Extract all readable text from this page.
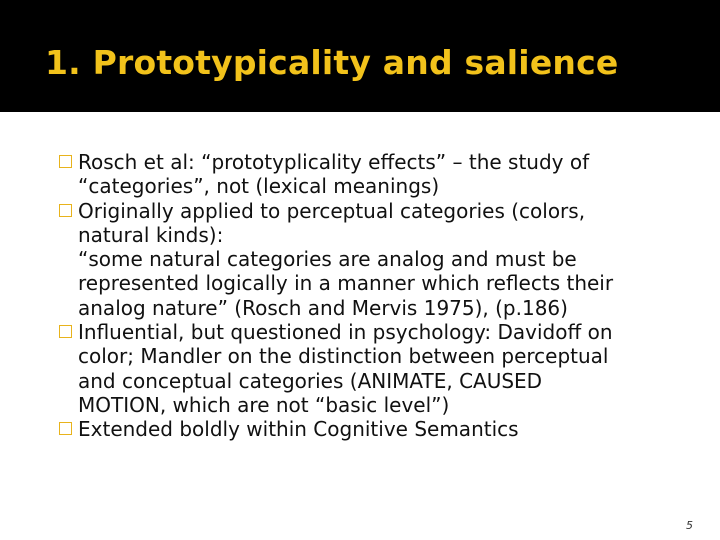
1. Prototypicality and salience
Rosch et al: “prototyplicality effects” – the study of
“categories”, not (lexical meanings)
Originally applied to perceptual categories (colors,
natural kinds):
“some natural categories are analog and must be
represented logically in a manner which reflects their
analog nature” (Rosch and Mervis 1975), (p.186)
Influential, but questioned in psychology: Davidoff on
color; Mandler on the distinction between perceptual
and conceptual categories (ANIMATE, CAUSED
MOTION, which are not “basic level”)
Extended boldly within Cognitive Semantics
5
